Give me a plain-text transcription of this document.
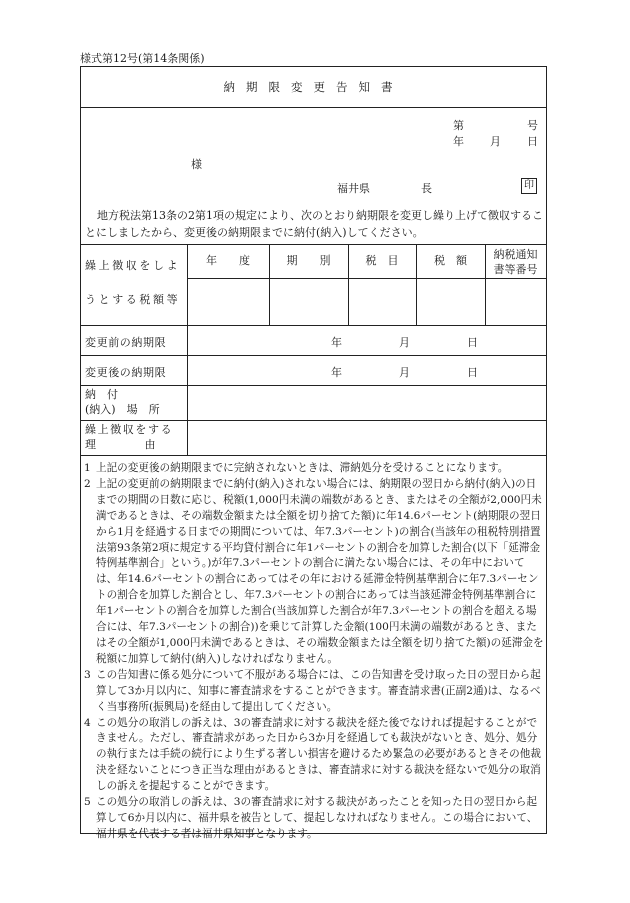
様式第12号(第14条関係)
納期限変更告知書
第	号
年 月 日
様
福井県	長	印
地方税法第13条の2第1項の規定により、次のとおり納期限を変更し繰り上げて徴収することにしましたから、変更後の納期限までに納付(納入)してください。
繰上徴収をしよ
うとする税額等
年　　度	期　　別	税　目	税　額	納税通知
書等番号
変更前の納期限	年	月	日
変更後の納期限	年	月	日
納　付
(納入)　場　所
繰上徴収をする
理　　　　由
1 上記の変更後の納期限までに完納されないときは、滞納処分を受けることになります。
2 上記の変更前の納期限までに納付(納入)されない場合には、納期限の翌日から納付(納入)の日までの期間の日数に応じ、税額(1,000円未満の端数があるとき、またはその全額が2,000円未満であるときは、その端数金額または全額を切り捨てた額)に年14.6パーセント(納期限の翌日から1月を経過する日までの期間については、年7.3パーセント)の割合(当該年の租税特別措置法第93条第2項に規定する平均貸付割合に年1パーセントの割合を加算した割合(以下「延滞金特例基準割合」という。)が年7.3パーセントの割合に満たない場合には、その年中においては、年14.6パーセントの割合にあってはその年における延滞金特例基準割合に年7.3パーセントの割合を加算した割合とし、年7.3パーセントの割合にあっては当該延滞金特例基準割合に年1パーセントの割合を加算した割合(当該加算した割合が年7.3パーセントの割合を超える場合には、年7.3パーセントの割合))を乗じて計算した金額(100円未満の端数があるとき、またはその全額が1,000円未満であるときは、その端数金額または全額を切り捨てた額)の延滞金を税額に加算して納付(納入)しなければなりません。
3 この告知書に係る処分について不服がある場合には、この告知書を受け取った日の翌日から起算して3か月以内に、知事に審査請求をすることができます。審査請求書(正副2通)は、なるべく当事務所(振興局)を経由して提出してください。
4 この処分の取消しの訴えは、3の審査請求に対する裁決を経た後でなければ提起することができません。ただし、審査請求があった日から3か月を経過しても裁決がないとき、処分、処分の執行または手続の続行により生ずる著しい損害を避けるため緊急の必要があるときその他裁決を経ないことにつき正当な理由があるときは、審査請求に対する裁決を経ないで処分の取消しの訴えを提起することができます。
5 この処分の取消しの訴えは、3の審査請求に対する裁決があったことを知った日の翌日から起算して6か月以内に、福井県を被告として、提起しなければなりません。この場合において、福井県を代表する者は福井県知事となります。
